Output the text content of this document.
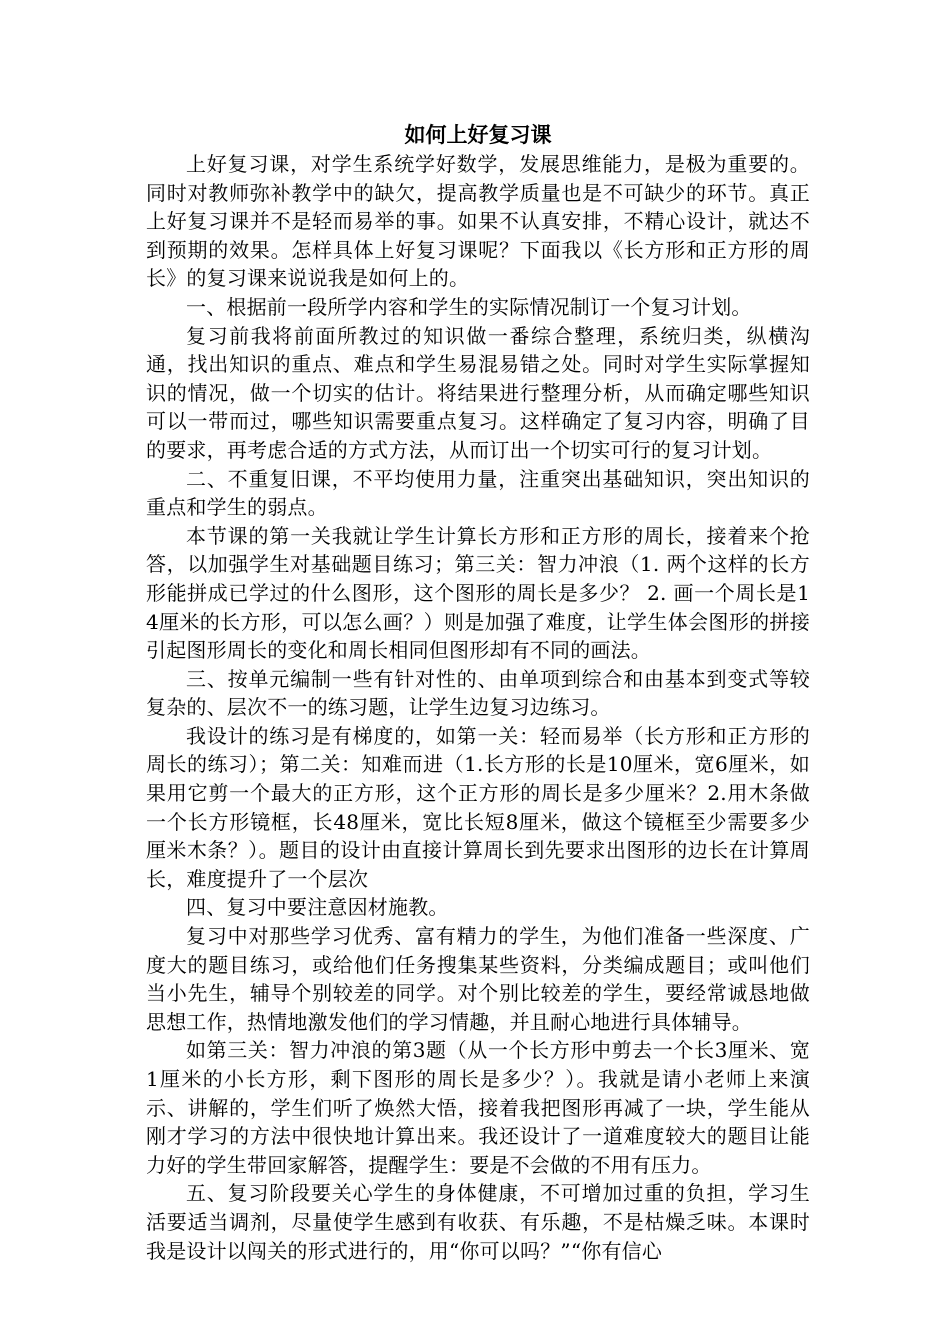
如何上好复习课

上好复习课，对学生系统学好数学，发展思维能力，是极为重要的。同时对教师弥补教学中的缺欠，提高教学质量也是不可缺少的环节。真正上好复习课并不是轻而易举的事。如果不认真安排，不精心设计，就达不到预期的效果。怎样具体上好复习课呢？下面我以《长方形和正方形的周长》的复习课来说说我是如何上的。

一、根据前一段所学内容和学生的实际情况制订一个复习计划。

复习前我将前面所教过的知识做一番综合整理，系统归类，纵横沟通，找出知识的重点、难点和学生易混易错之处。同时对学生实际掌握知识的情况，做一个切实的估计。将结果进行整理分析，从而确定哪些知识可以一带而过，哪些知识需要重点复习。这样确定了复习内容，明确了目的要求，再考虑合适的方式方法，从而订出一个切实可行的复习计划。

二、不重复旧课，不平均使用力量，注重突出基础知识，突出知识的重点和学生的弱点。

本节课的第一关我就让学生计算长方形和正方形的周长，接着来个抢答，以加强学生对基础题目练习；第三关：智力冲浪（1. 两个这样的长方形能拼成已学过的什么图形，这个图形的周长是多少？ 2. 画一个周长是14厘米的长方形，可以怎么画？）则是加强了难度，让学生体会图形的拼接引起图形周长的变化和周长相同但图形却有不同的画法。

三、按单元编制一些有针对性的、由单项到综合和由基本到变式等较复杂的、层次不一的练习题，让学生边复习边练习。

我设计的练习是有梯度的，如第一关：轻而易举（长方形和正方形的周长的练习）；第二关：知难而进（1.长方形的长是10厘米，宽6厘米，如果用它剪一个最大的正方形，这个正方形的周长是多少厘米？2.用木条做一个长方形镜框，长48厘米，宽比长短8厘米，做这个镜框至少需要多少厘米木条？）。题目的设计由直接计算周长到先要求出图形的边长在计算周长，难度提升了一个层次

四、复习中要注意因材施教。

复习中对那些学习优秀、富有精力的学生，为他们准备一些深度、广度大的题目练习，或给他们任务搜集某些资料，分类编成题目；或叫他们当小先生，辅导个别较差的同学。对个别比较差的学生，要经常诚恳地做思想工作，热情地激发他们的学习情趣，并且耐心地进行具体辅导。

如第三关：智力冲浪的第3题（从一个长方形中剪去一个长3厘米、宽1厘米的小长方形，剩下图形的周长是多少？）。我就是请小老师上来演示、讲解的，学生们听了焕然大悟，接着我把图形再减了一块，学生能从刚才学习的方法中很快地计算出来。我还设计了一道难度较大的题目让能力好的学生带回家解答，提醒学生：要是不会做的不用有压力。

五、复习阶段要关心学生的身体健康，不可增加过重的负担，学习生活要适当调剂，尽量使学生感到有收获、有乐趣，不是枯燥乏味。本课时我是设计以闯关的形式进行的，用“你可以吗？”“你有信心
